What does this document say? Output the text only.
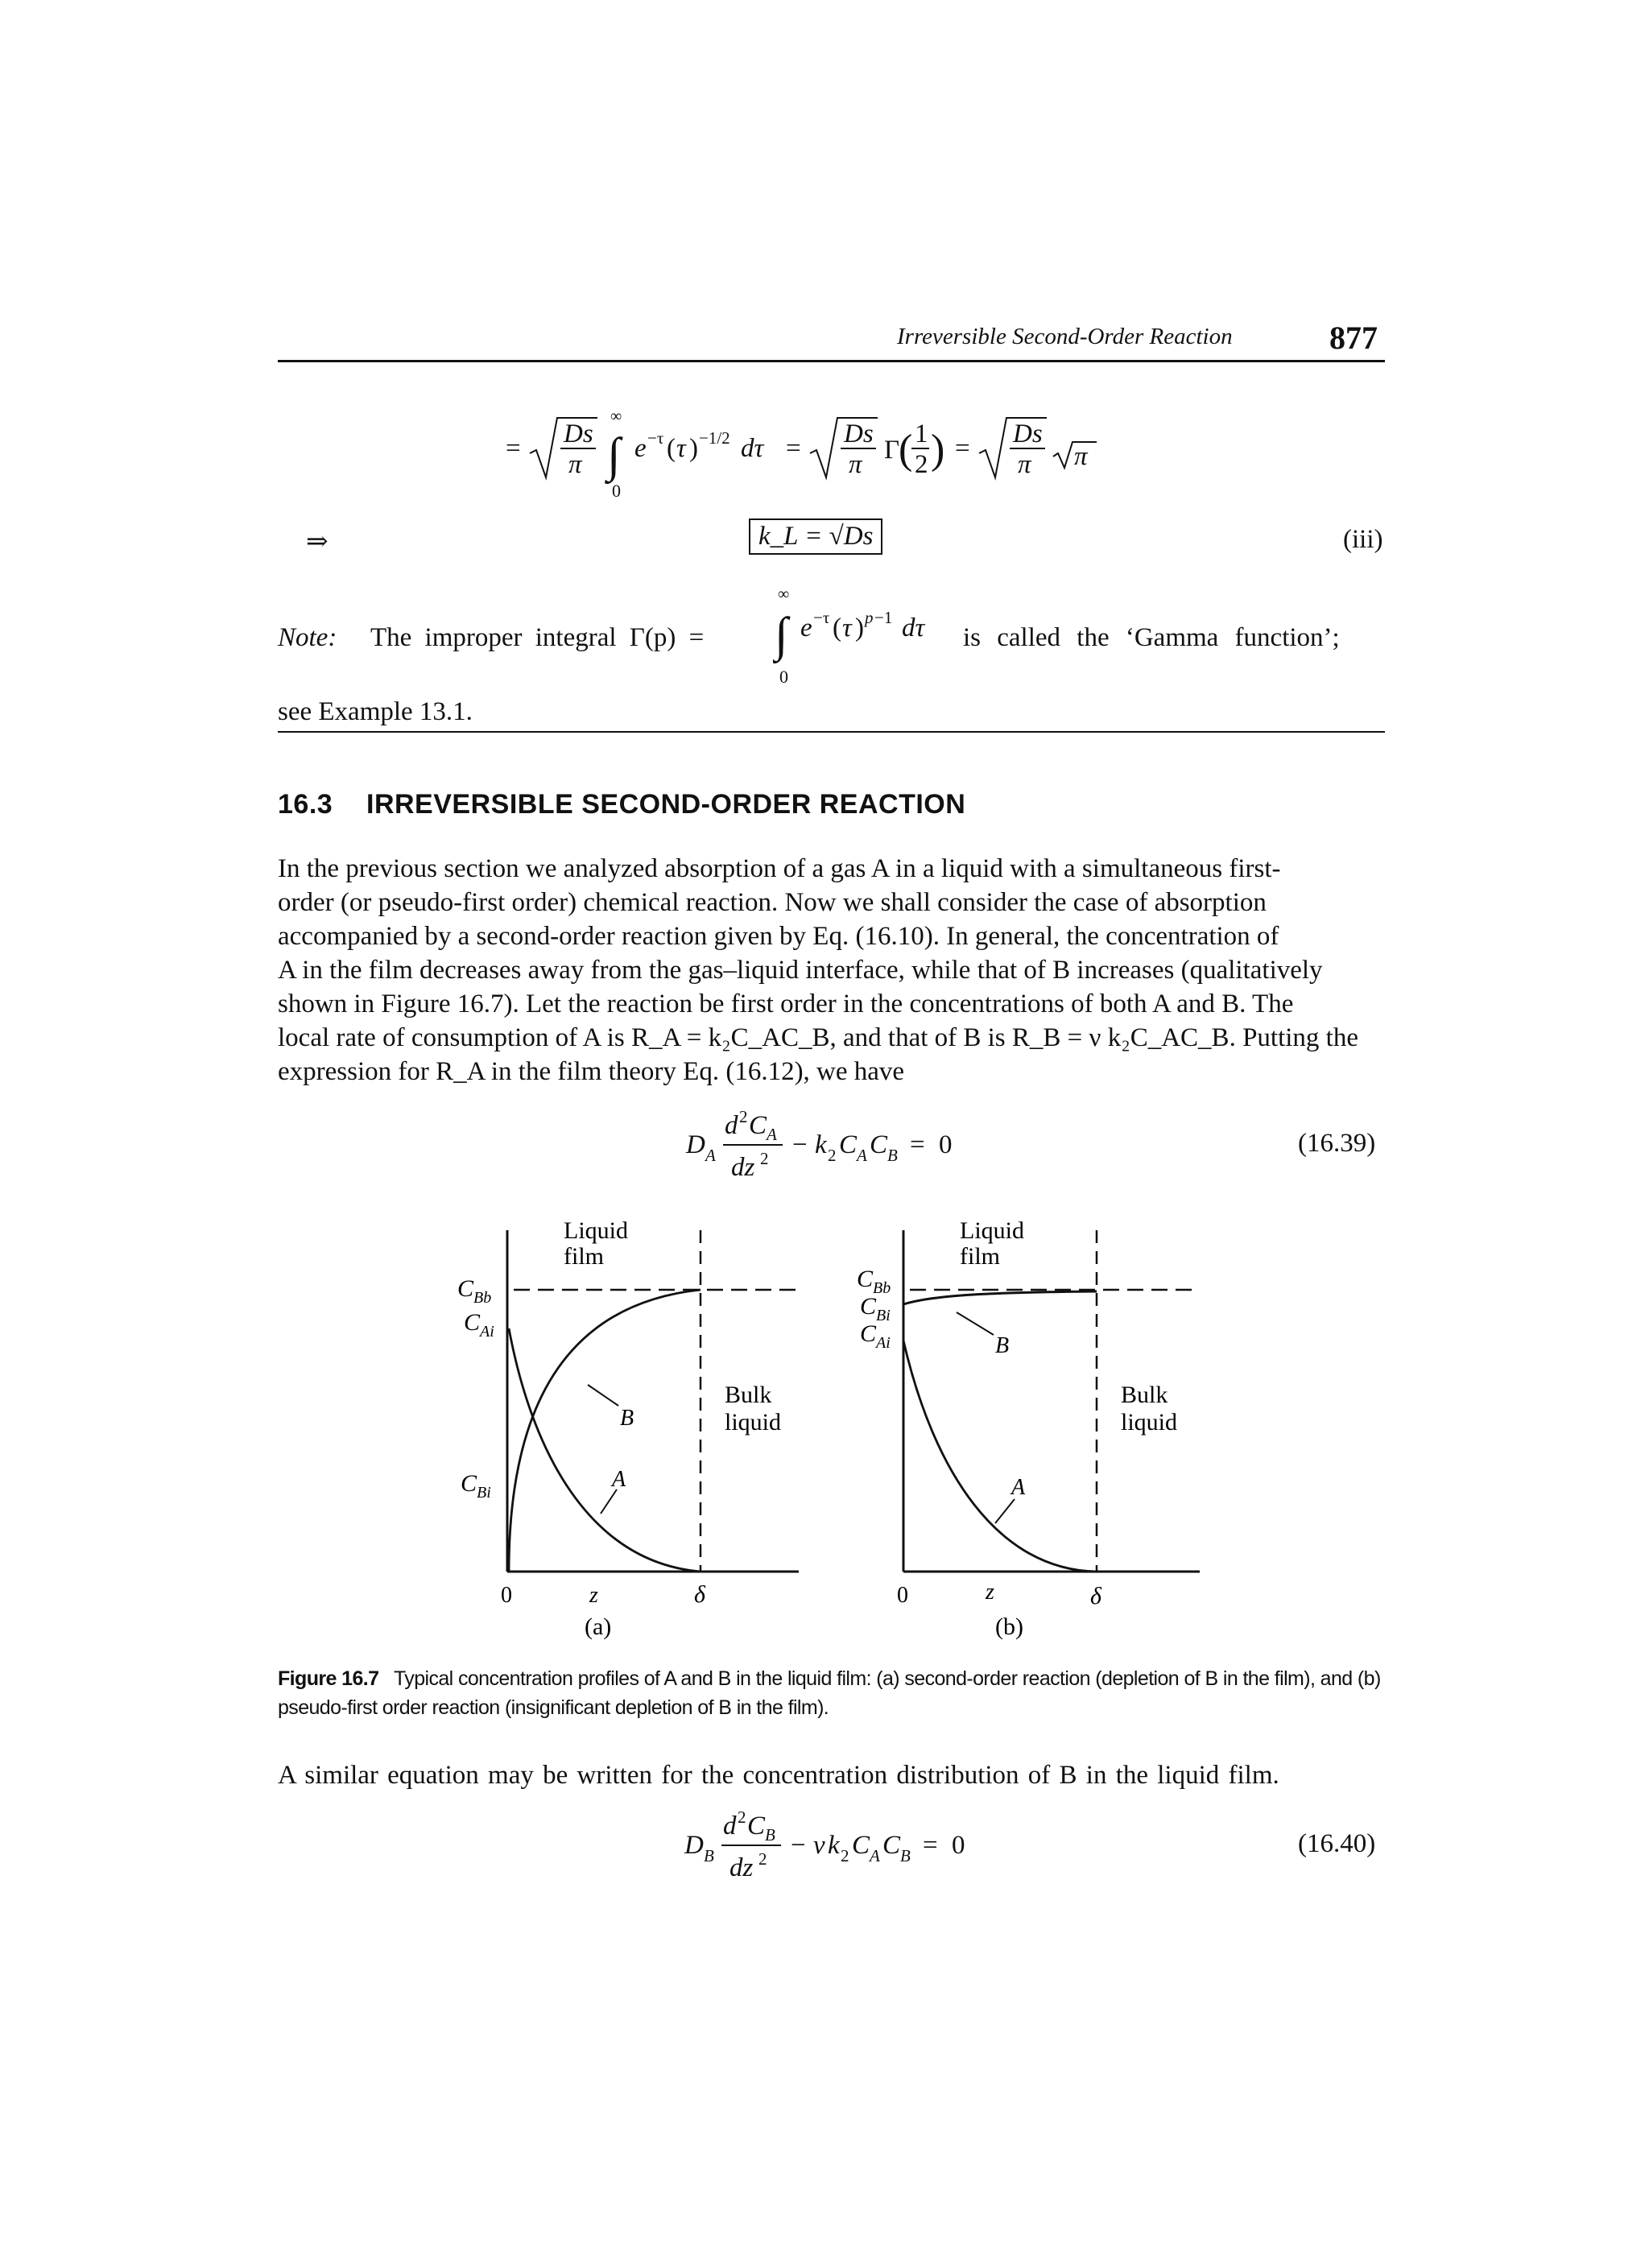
Irreversible Second-Order Reaction	877
= Ds
π ∫
∞
0
e −τ ( τ ) −1/2 dτ = Ds
π Γ
( 1
2 ) = Ds
π π
⇒	k_L = √Ds	(iii)
Note: The improper integral Γ(p) = ∫
∞
0
e −τ ( τ ) p −1 dτ is called the ‘Gamma function’;
see Example 13.1.
16.3 IRREVERSIBLE SECOND-ORDER REACTION
In the previous section we analyzed absorption of a gas A in a liquid with a simultaneous first-
order (or pseudo-first order) chemical reaction. Now we shall consider the case of absorption
accompanied by a second-order reaction given by Eq. (16.10). In general, the concentration of
A in the film decreases away from the gas–liquid interface, while that of B increases (qualitatively
shown in Figure 16.7). Let the reaction be first order in the concentrations of both A and B. The
local rate of consumption of A is R_A = k₂C_AC_B, and that of B is R_B = ν k₂C_AC_B. Putting the
expression for R_A in the film theory Eq. (16.12), we have
D A
d 2 C A
dz 2 − k 2 C A C B = 0	(16.39)
Liquid
film
Bulk
liquid
$C_{Bb}$
$C_{Ai}$
$C_{Bi}$
B
A
0	z	δ
(a)
Liquid
film
Bulk
liquid
$C_{Bb}$
$C_{Bi}$
$C_{Ai}$	B
A
0	z	δ
(b)
Figure 16.7 Typical concentration profiles of A and B in the liquid film: (a) second-order reaction (depletion of B in the film), and (b) pseudo-first order reaction (insignificant depletion of B in the film).
A similar equation may be written for the concentration distribution of B in the liquid film.
D B
d 2 C B
dz 2 − ν k 2 C A C B = 0	(16.40)
